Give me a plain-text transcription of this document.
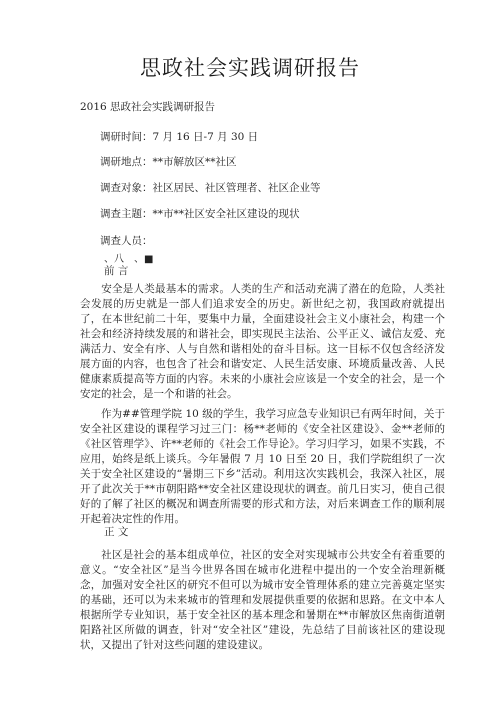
思政社会实践调研报告
2016 思政社会实践调研报告
调研时间：7 月 16 日-7 月 30 日
调研地点：**市解放区**社区
调查对象：社区居民、社区管理者、社区企业等
调查主题：**市**社区安全社区建设的现状
调查人员：
、八　、■
前 言

安全是人类最基本的需求。人类的生产和活动充满了潜在的危险，人类社会发展的历史就是一部人们追求安全的历史。新世纪之初，我国政府就提出了，在本世纪前二十年，要集中力量，全面建设社会主义小康社会，构建一个社会和经济持续发展的和谐社会，即实现民主法治、公平正义、诚信友爱、充满活力、安全有序、人与自然和谐相处的奋斗目标。这一目标不仅包含经济发展方面的内容，也包含了社会和谐安定、人民生活安康、环境质量改善、人民健康素质提高等方面的内容。未来的小康社会应该是一个安全的社会，是一个安定的社会，是一个和谐的社会。

作为##管理学院 10 级的学生，我学习应急专业知识已有两年时间，关于安全社区建设的课程学习过三门：杨**老师的《安全社区建设》、金**老师的《社区管理学》、许**老师的《社会工作导论》。学习归学习，如果不实践，不应用，始终是纸上谈兵。今年暑假 7 月 10 日至 20 日，我们学院组织了一次关于安全社区建设的“暑期三下乡”活动。利用这次实践机会，我深入社区，展开了此次关于**市朝阳路**安全社区建设现状的调查。前几日实习，使自己很好的了解了社区的概况和调查所需要的形式和方法，对后来调查工作的顺利展开起着决定性的作用。

正 文

社区是社会的基本组成单位，社区的安全对实现城市公共安全有着重要的意义。“安全社区”是当今世界各国在城市化进程中提出的一个安全治理新概念，加强对安全社区的研究不但可以为城市安全管理体系的建立完善奠定坚实的基础，还可以为未来城市的管理和发展提供重要的依据和思路。在文中本人根据所学专业知识，基于安全社区的基本理念和暑期在**市解放区焦南街道朝阳路社区所做的调查，针对“安全社区”建设，先总结了目前该社区的建设现状，又提出了针对这些问题的建设建议。
